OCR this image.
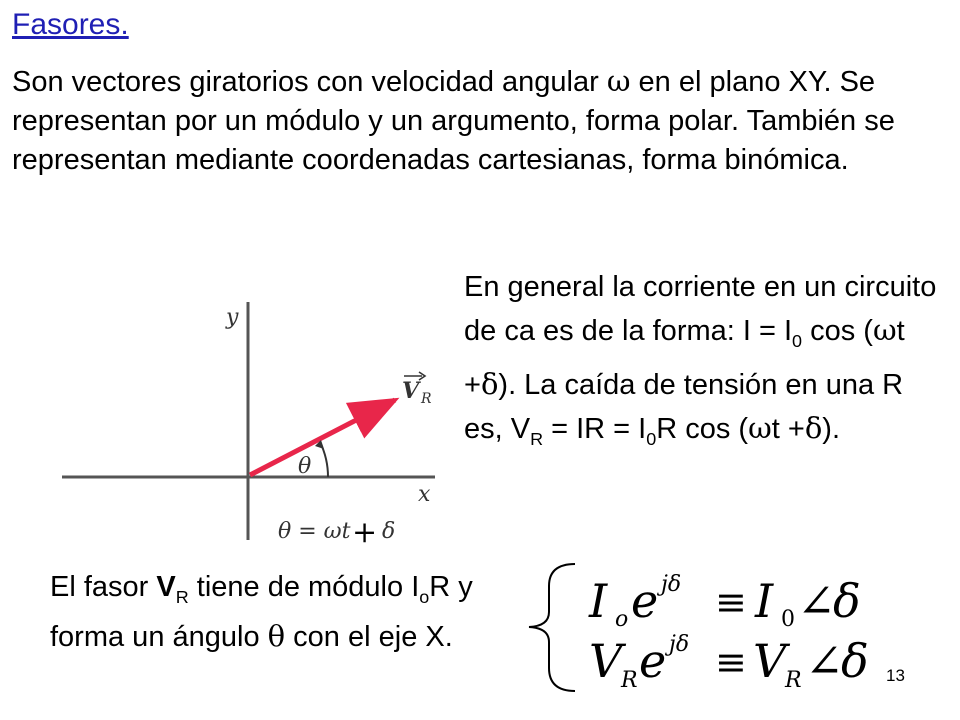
Fasores.
Son vectores giratorios con velocidad angular ω en el plano XY. Se representan por un módulo y un argumento, forma polar. También se representan mediante coordenadas cartesianas, forma binómica.
y
x
θ
V R
θ = ωt + δ
En general la corriente en un circuito de ca es de la forma: $I = I_0$ cos (ωt +δ). La caída de tensión en una R es, $V_R$ = IR = $I_0R$ cos (ωt +δ).
El fasor $V_R$ tiene de módulo $I_oR$ y forma un ángulo θ con el eje X.
I o e jδ ≡ I 0 ∠
δ
V
R e jδ ≡ V
R ∠
δ 13
